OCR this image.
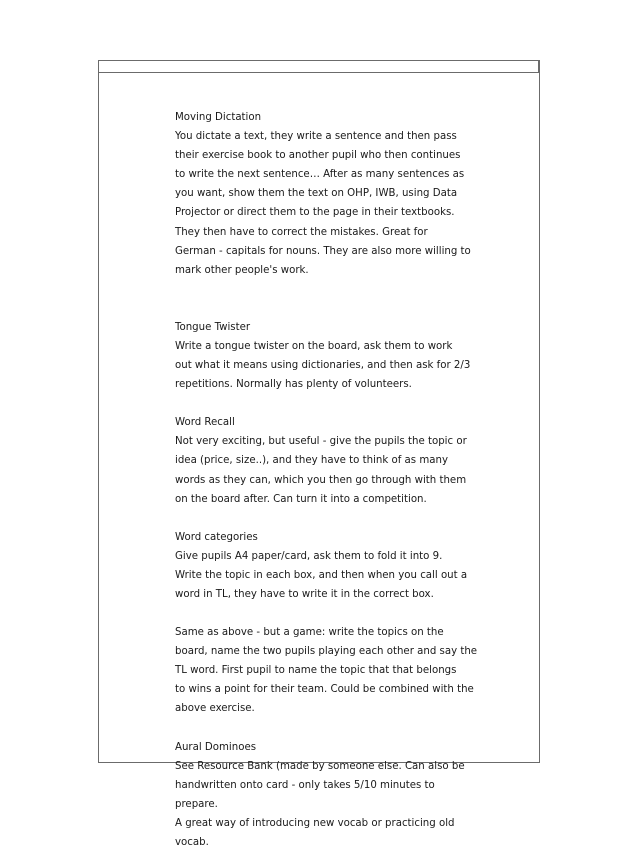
Moving Dictation

You dictate a text, they write a sentence and then pass

their exercise book to another pupil who then continues

to write the next sentence… After as many sentences as

you want, show them the text on OHP, IWB, using Data

Projector or direct them to the page in their textbooks.

They then have to correct the mistakes. Great for

German - capitals for nouns. They are also more willing to

mark other people's work.

Tongue Twister

Write a tongue twister on the board, ask them to work

out what it means using dictionaries, and then ask for 2/3

repetitions. Normally has plenty of volunteers.

Word Recall

Not very exciting, but useful - give the pupils the topic or

idea (price, size..), and they have to think of as many

words as they can, which you then go through with them

on the board after. Can turn it into a competition.

Word categories

Give pupils A4 paper/card, ask them to fold it into 9.

Write the topic in each box, and then when you call out a

word in TL, they have to write it in the correct box.

Same as above - but a game: write the topics on the

board, name the two pupils playing each other and say the

TL word. First pupil to name the topic that that belongs

to wins a point for their team. Could be combined with the

above exercise.

Aural Dominoes

See Resource Bank (made by someone else. Can also be

handwritten onto card - only takes 5/10 minutes to

prepare.

A great way of introducing new vocab or practicing old

vocab.
